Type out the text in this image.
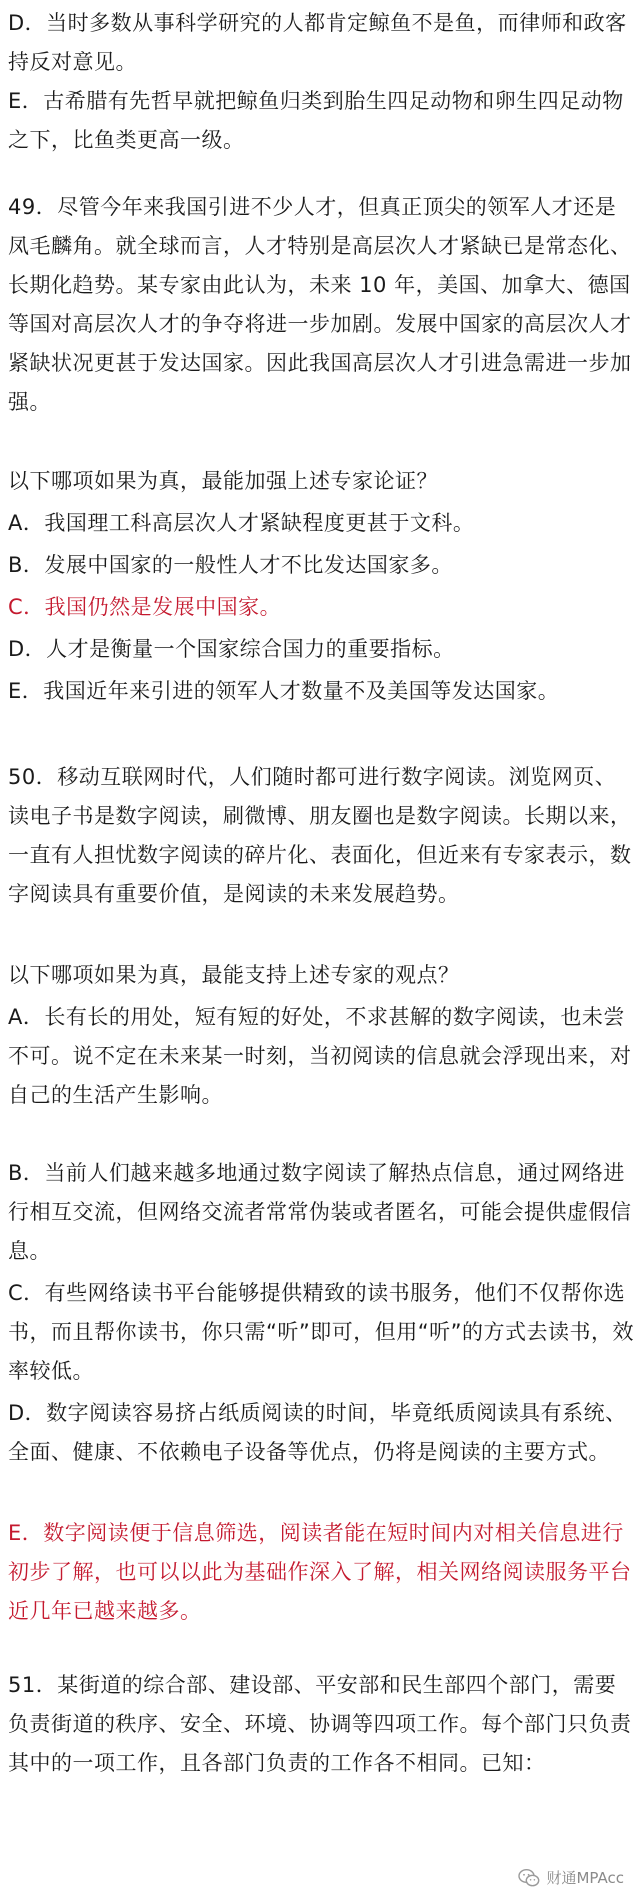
D．当时多数从事科学研究的人都肯定鲸鱼不是鱼，而律师和政客持反对意见。

E．古希腊有先哲早就把鲸鱼归类到胎生四足动物和卵生四足动物之下，比鱼类更高一级。

49．尽管今年来我国引进不少人才，但真正顶尖的领军人才还是凤毛麟角。就全球而言，人才特别是高层次人才紧缺已是常态化、长期化趋势。某专家由此认为，未来 10 年，美国、加拿大、德国等国对高层次人才的争夺将进一步加剧。发展中国家的高层次人才紧缺状况更甚于发达国家。因此我国高层次人才引进急需进一步加强。

以下哪项如果为真，最能加强上述专家论证？

A．我国理工科高层次人才紧缺程度更甚于文科。

B．发展中国家的一般性人才不比发达国家多。

C．我国仍然是发展中国家。

D．人才是衡量一个国家综合国力的重要指标。

E．我国近年来引进的领军人才数量不及美国等发达国家。

50．移动互联网时代，人们随时都可进行数字阅读。浏览网页、读电子书是数字阅读，刷微博、朋友圈也是数字阅读。长期以来，一直有人担忧数字阅读的碎片化、表面化，但近来有专家表示，数字阅读具有重要价值，是阅读的未来发展趋势。

以下哪项如果为真，最能支持上述专家的观点？

A．长有长的用处，短有短的好处，不求甚解的数字阅读，也未尝不可。说不定在未来某一时刻，当初阅读的信息就会浮现出来，对自己的生活产生影响。

B．当前人们越来越多地通过数字阅读了解热点信息，通过网络进行相互交流，但网络交流者常常伪装或者匿名，可能会提供虚假信息。

C．有些网络读书平台能够提供精致的读书服务，他们不仅帮你选书，而且帮你读书，你只需“听”即可，但用“听”的方式去读书，效率较低。

D．数字阅读容易挤占纸质阅读的时间，毕竟纸质阅读具有系统、全面、健康、不依赖电子设备等优点，仍将是阅读的主要方式。

E．数字阅读便于信息筛选，阅读者能在短时间内对相关信息进行初步了解，也可以以此为基础作深入了解，相关网络阅读服务平台近几年已越来越多。

51．某街道的综合部、建设部、平安部和民生部四个部门，需要负责街道的秩序、安全、环境、协调等四项工作。每个部门只负责其中的一项工作，且各部门负责的工作各不相同。已知：

财通MPAcc
